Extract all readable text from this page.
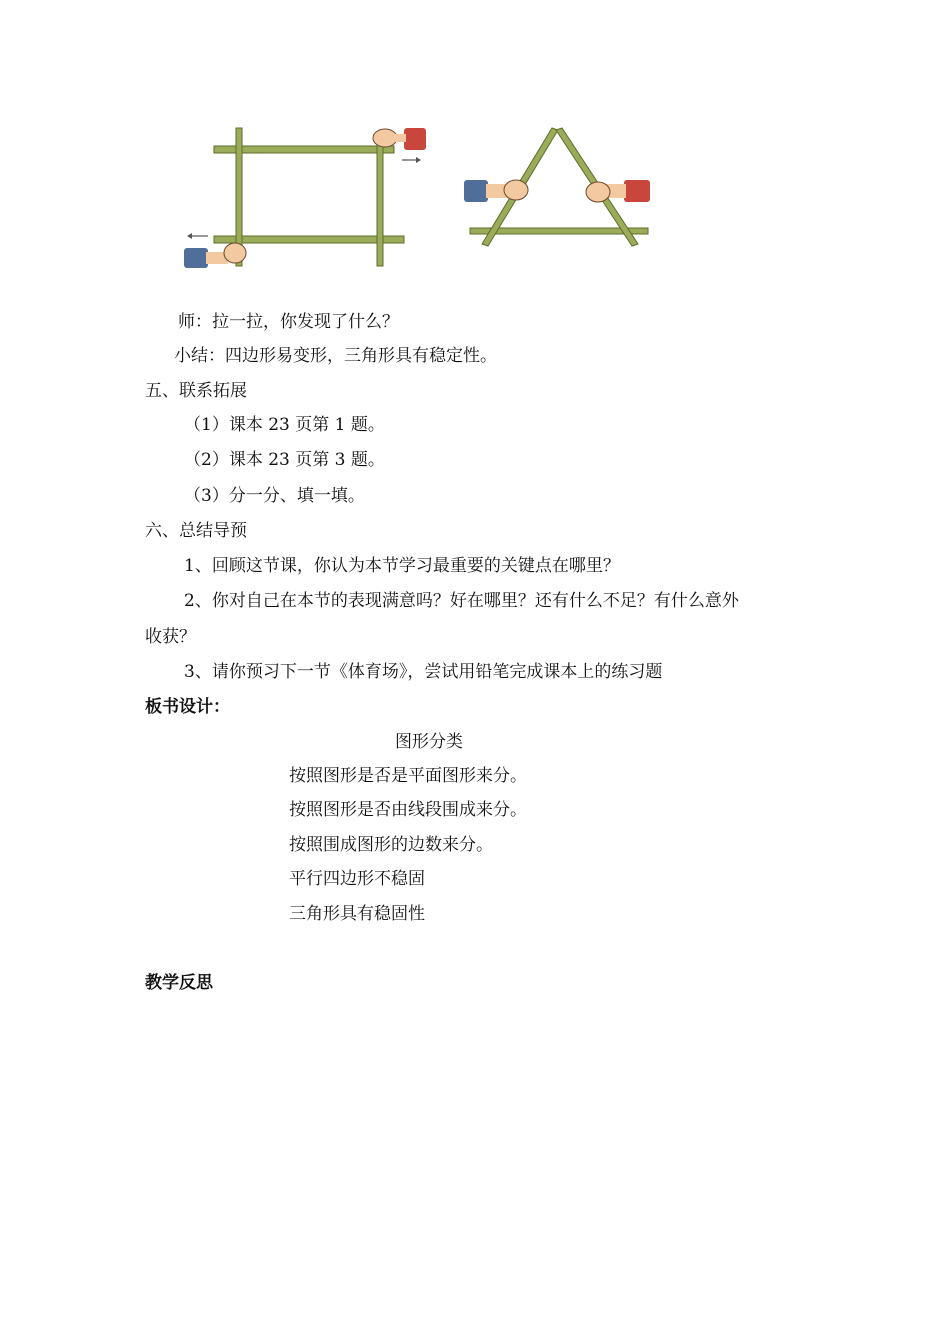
师：拉一拉，你发现了什么？
小结：四边形易变形，三角形具有稳定性。
五、联系拓展
（1）课本 23 页第 1 题。
（2）课本 23 页第 3 题。
（3）分一分、填一填。
六、总结导预
1、回顾这节课，你认为本节学习最重要的关键点在哪里？
2、你对自己在本节的表现满意吗？好在哪里？还有什么不足？有什么意外
收获？
3、请你预习下一节《体育场》，尝试用铅笔完成课本上的练习题
板书设计：
图形分类
按照图形是否是平面图形来分。
按照图形是否由线段围成来分。
按照围成图形的边数来分。
平行四边形不稳固
三角形具有稳固性
教学反思
